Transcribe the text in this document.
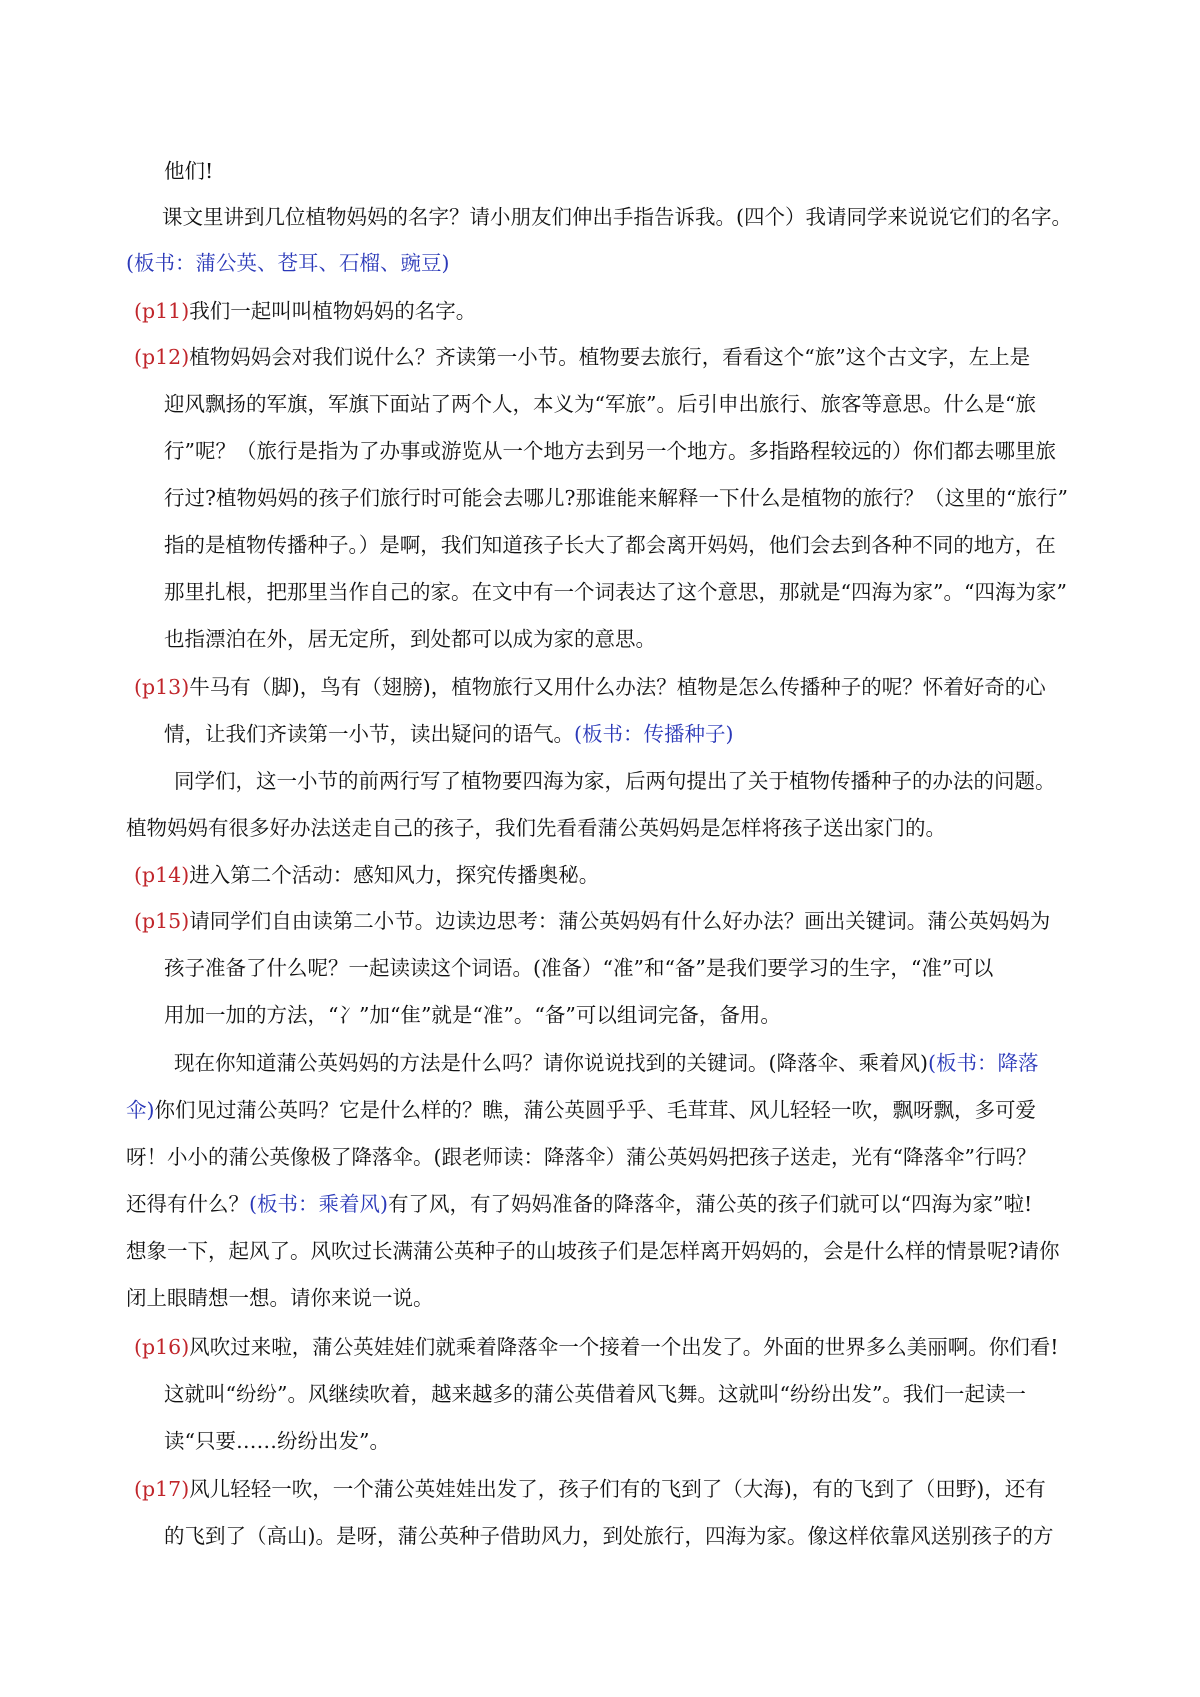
他们!
课文里讲到几位植物妈妈的名字？请小朋友们伸出手指告诉我。(四个）我请同学来说说它们的名字。
(板书：蒲公英、苍耳、石榴、豌豆)
(p11)我们一起叫叫植物妈妈的名字。
(p12)植物妈妈会对我们说什么？齐读第一小节。植物要去旅行，看看这个“旅”这个古文字，左上是
迎风飘扬的军旗，军旗下面站了两个人，本义为“军旅”。后引申出旅行、旅客等意思。什么是“旅
行”呢？（旅行是指为了办事或游览从一个地方去到另一个地方。多指路程较远的）你们都去哪里旅
行过?植物妈妈的孩子们旅行时可能会去哪儿?那谁能来解释一下什么是植物的旅行？（这里的“旅行”
指的是植物传播种子。）是啊，我们知道孩子长大了都会离开妈妈，他们会去到各种不同的地方，在
那里扎根，把那里当作自己的家。在文中有一个词表达了这个意思，那就是“四海为家”。“四海为家”
也指漂泊在外，居无定所，到处都可以成为家的意思。
(p13)牛马有（脚)，鸟有（翅膀)，植物旅行又用什么办法？植物是怎么传播种子的呢？怀着好奇的心
情，让我们齐读第一小节，读出疑问的语气。(板书：传播种子)
同学们，这一小节的前两行写了植物要四海为家，后两句提出了关于植物传播种子的办法的问题。
植物妈妈有很多好办法送走自己的孩子，我们先看看蒲公英妈妈是怎样将孩子送出家门的。
(p14)进入第二个活动：感知风力，探究传播奥秘。
(p15)请同学们自由读第二小节。边读边思考：蒲公英妈妈有什么好办法？画出关键词。蒲公英妈妈为
孩子准备了什么呢？一起读读这个词语。(准备）“准”和“备”是我们要学习的生字，“准”可以
用加一加的方法，“冫”加“隹”就是“准”。“备”可以组词完备，备用。
现在你知道蒲公英妈妈的方法是什么吗？请你说说找到的关键词。(降落伞、乘着风)(板书：降落
伞)你们见过蒲公英吗？它是什么样的？瞧，蒲公英圆乎乎、毛茸茸、风儿轻轻一吹，飘呀飘，多可爱
呀！小小的蒲公英像极了降落伞。(跟老师读：降落伞）蒲公英妈妈把孩子送走，光有“降落伞”行吗？
还得有什么？(板书：乘着风)有了风，有了妈妈准备的降落伞，蒲公英的孩子们就可以“四海为家”啦!
想象一下，起风了。风吹过长满蒲公英种子的山坡孩子们是怎样离开妈妈的，会是什么样的情景呢?请你
闭上眼睛想一想。请你来说一说。
(p16)风吹过来啦，蒲公英娃娃们就乘着降落伞一个接着一个出发了。外面的世界多么美丽啊。你们看!
这就叫“纷纷”。风继续吹着，越来越多的蒲公英借着风飞舞。这就叫“纷纷出发”。我们一起读一
读“只要……纷纷出发”。
(p17)风儿轻轻一吹，一个蒲公英娃娃出发了，孩子们有的飞到了（大海)，有的飞到了（田野)，还有
的飞到了（高山)。是呀，蒲公英种子借助风力，到处旅行，四海为家。像这样依靠风送别孩子的方
